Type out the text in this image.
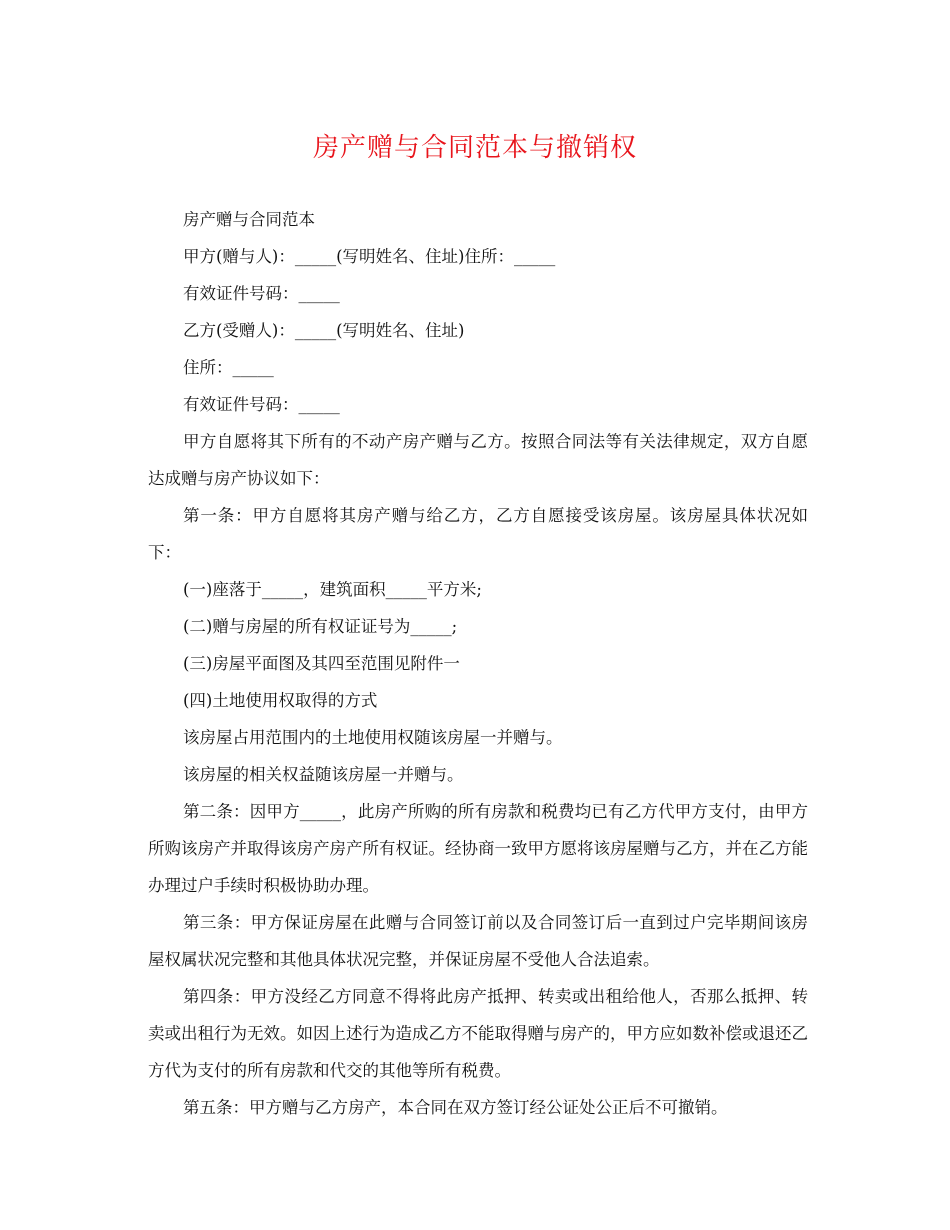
房产赠与合同范本与撤销权

房产赠与合同范本

甲方(赠与人)：_____(写明姓名、住址)住所：_____

有效证件号码：_____

乙方(受赠人)：_____(写明姓名、住址)

住所：_____

有效证件号码：_____

甲方自愿将其下所有的不动产房产赠与乙方。按照合同法等有关法律规定，双方自愿达成赠与房产协议如下：

第一条：甲方自愿将其房产赠与给乙方，乙方自愿接受该房屋。该房屋具体状况如下：

(一)座落于_____，建筑面积_____平方米;

(二)赠与房屋的所有权证证号为_____;

(三)房屋平面图及其四至范围见附件一

(四)土地使用权取得的方式

该房屋占用范围内的土地使用权随该房屋一并赠与。

该房屋的相关权益随该房屋一并赠与。

第二条：因甲方_____，此房产所购的所有房款和税费均已有乙方代甲方支付，由甲方所购该房产并取得该房产房产所有权证。经协商一致甲方愿将该房屋赠与乙方，并在乙方能办理过户手续时积极协助办理。

第三条：甲方保证房屋在此赠与合同签订前以及合同签订后一直到过户完毕期间该房屋权属状况完整和其他具体状况完整，并保证房屋不受他人合法追索。

第四条：甲方没经乙方同意不得将此房产抵押、转卖或出租给他人，否那么抵押、转卖或出租行为无效。如因上述行为造成乙方不能取得赠与房产的，甲方应如数补偿或退还乙方代为支付的所有房款和代交的其他等所有税费。

第五条：甲方赠与乙方房产，本合同在双方签订经公证处公正后不可撤销。
